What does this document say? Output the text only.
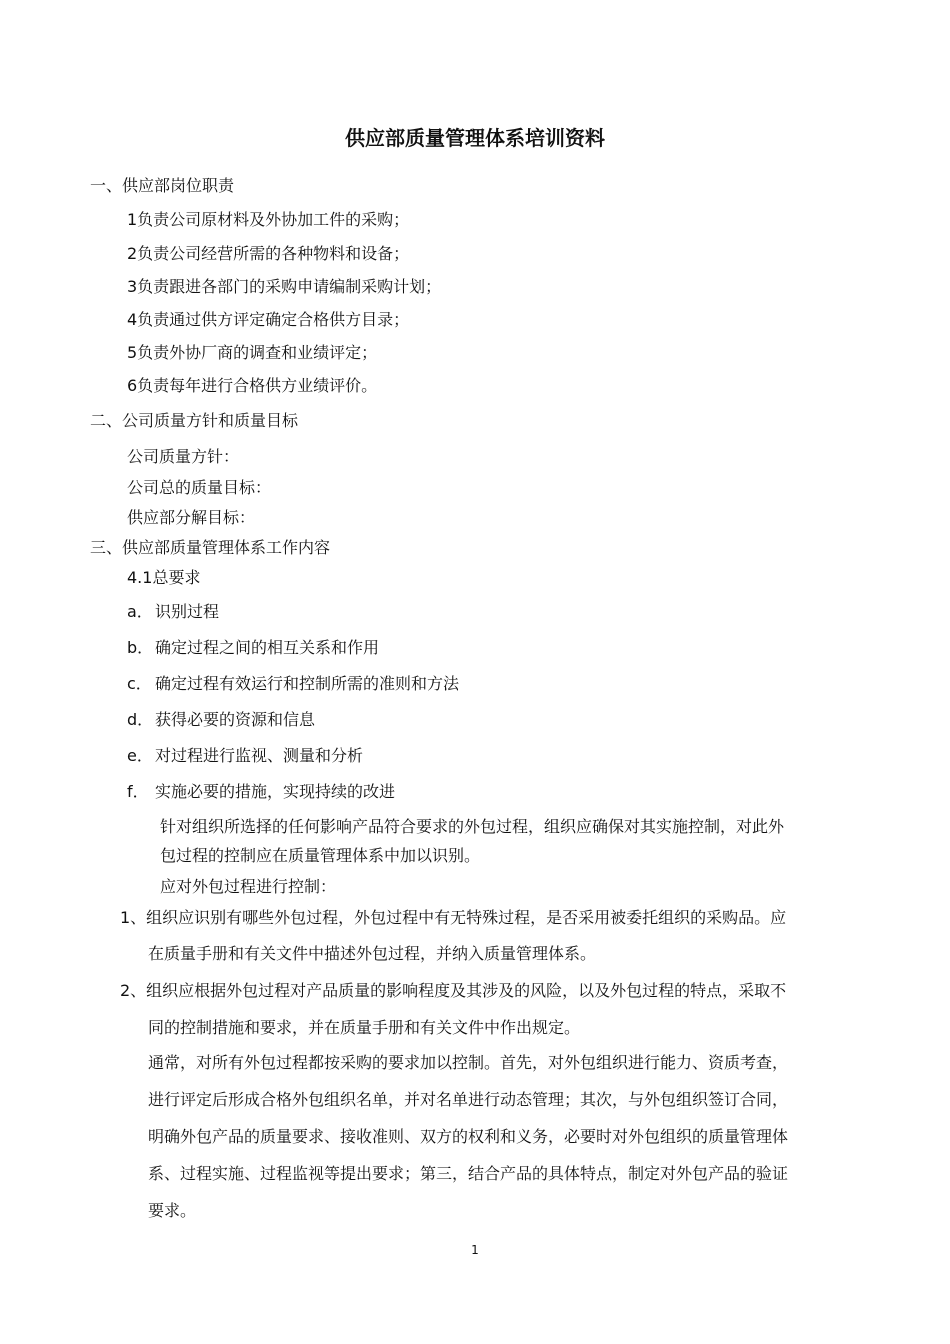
供应部质量管理体系培训资料
一、供应部岗位职责
1负责公司原材料及外协加工件的采购；
2负责公司经营所需的各种物料和设备；
3负责跟进各部门的采购申请编制采购计划；
4负责通过供方评定确定合格供方目录；
5负责外协厂商的调查和业绩评定；
6负责每年进行合格供方业绩评价。
二、公司质量方针和质量目标
公司质量方针：
公司总的质量目标：
供应部分解目标：
三、供应部质量管理体系工作内容
4.1总要求
a． 识别过程
b． 确定过程之间的相互关系和作用
c． 确定过程有效运行和控制所需的准则和方法
d． 获得必要的资源和信息
e． 对过程进行监视、测量和分析
f． 实施必要的措施，实现持续的改进
针对组织所选择的任何影响产品符合要求的外包过程，组织应确保对其实施控制，对此外
包过程的控制应在质量管理体系中加以识别。
应对外包过程进行控制：
1、组织应识别有哪些外包过程，外包过程中有无特殊过程，是否采用被委托组织的采购品。应
在质量手册和有关文件中描述外包过程，并纳入质量管理体系。
2、组织应根据外包过程对产品质量的影响程度及其涉及的风险，以及外包过程的特点，采取不
同的控制措施和要求，并在质量手册和有关文件中作出规定。
通常，对所有外包过程都按采购的要求加以控制。首先，对外包组织进行能力、资质考查，
进行评定后形成合格外包组织名单，并对名单进行动态管理；其次，与外包组织签订合同，
明确外包产品的质量要求、接收准则、双方的权利和义务，必要时对外包组织的质量管理体
系、过程实施、过程监视等提出要求；第三，结合产品的具体特点，制定对外包产品的验证
要求。
1
